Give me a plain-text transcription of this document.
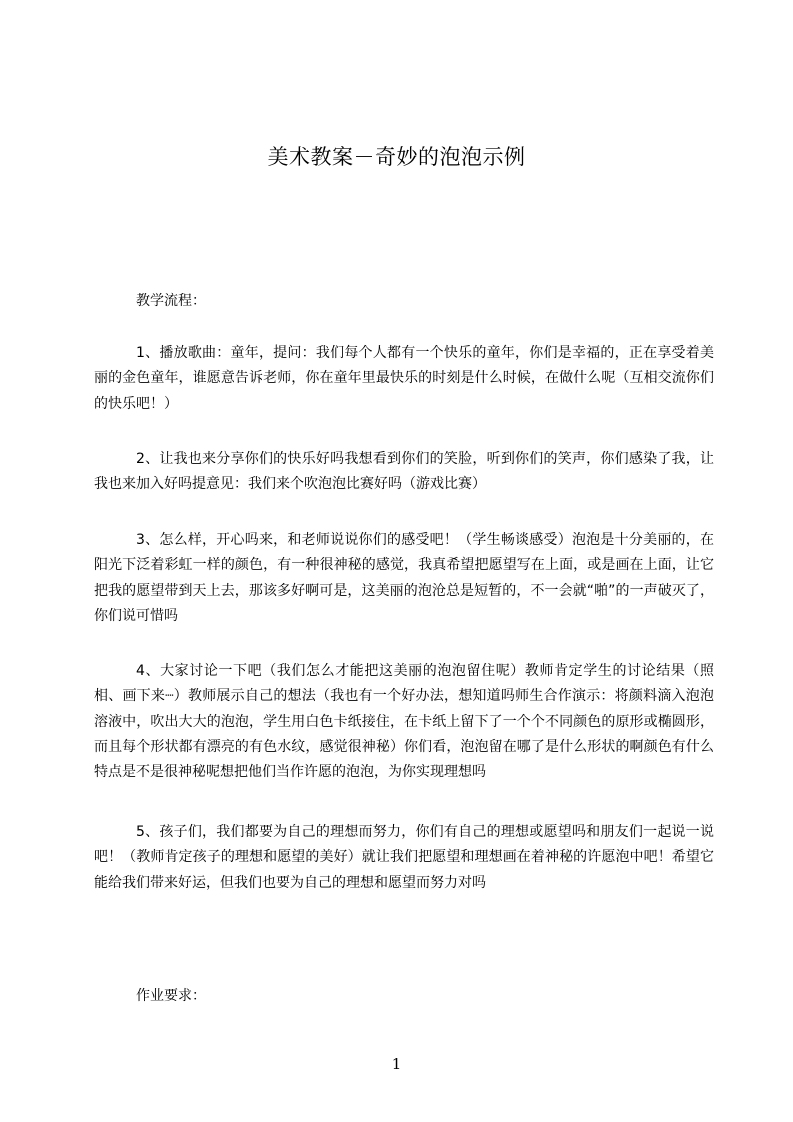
美术教案－奇妙的泡泡示例
教学流程：

1、播放歌曲：童年，提问：我们每个人都有一个快乐的童年，你们是幸福的，正在享受着美丽的金色童年，谁愿意告诉老师，你在童年里最快乐的时刻是什么时候，在做什么呢（互相交流你们的快乐吧！）

2、让我也来分享你们的快乐好吗我想看到你们的笑脸，听到你们的笑声，你们感染了我，让我也来加入好吗提意见：我们来个吹泡泡比赛好吗（游戏比赛）

3、怎么样，开心吗来，和老师说说你们的感受吧！（学生畅谈感受）泡泡是十分美丽的，在阳光下泛着彩虹一样的颜色，有一种很神秘的感觉，我真希望把愿望写在上面，或是画在上面，让它把我的愿望带到天上去，那该多好啊可是，这美丽的泡沧总是短暂的，不一会就“啪”的一声破灭了，你们说可惜吗

4、大家讨论一下吧（我们怎么才能把这美丽的泡泡留住呢）教师肯定学生的讨论结果（照相、画下来┈）教师展示自己的想法（我也有一个好办法，想知道吗师生合作演示：将颜料滴入泡泡溶液中，吹出大大的泡泡，学生用白色卡纸接住，在卡纸上留下了一个个不同颜色的原形或椭圆形，而且每个形状都有漂亮的有色水纹，感觉很神秘）你们看，泡泡留在哪了是什么形状的啊颜色有什么特点是不是很神秘呢想把他们当作许愿的泡泡，为你实现理想吗

5、孩子们，我们都要为自己的理想而努力，你们有自己的理想或愿望吗和朋友们一起说一说吧！（教师肯定孩子的理想和愿望的美好）就让我们把愿望和理想画在着神秘的许愿泡中吧！希望它能给我们带来好运，但我们也要为自己的理想和愿望而努力对吗

作业要求：
1
